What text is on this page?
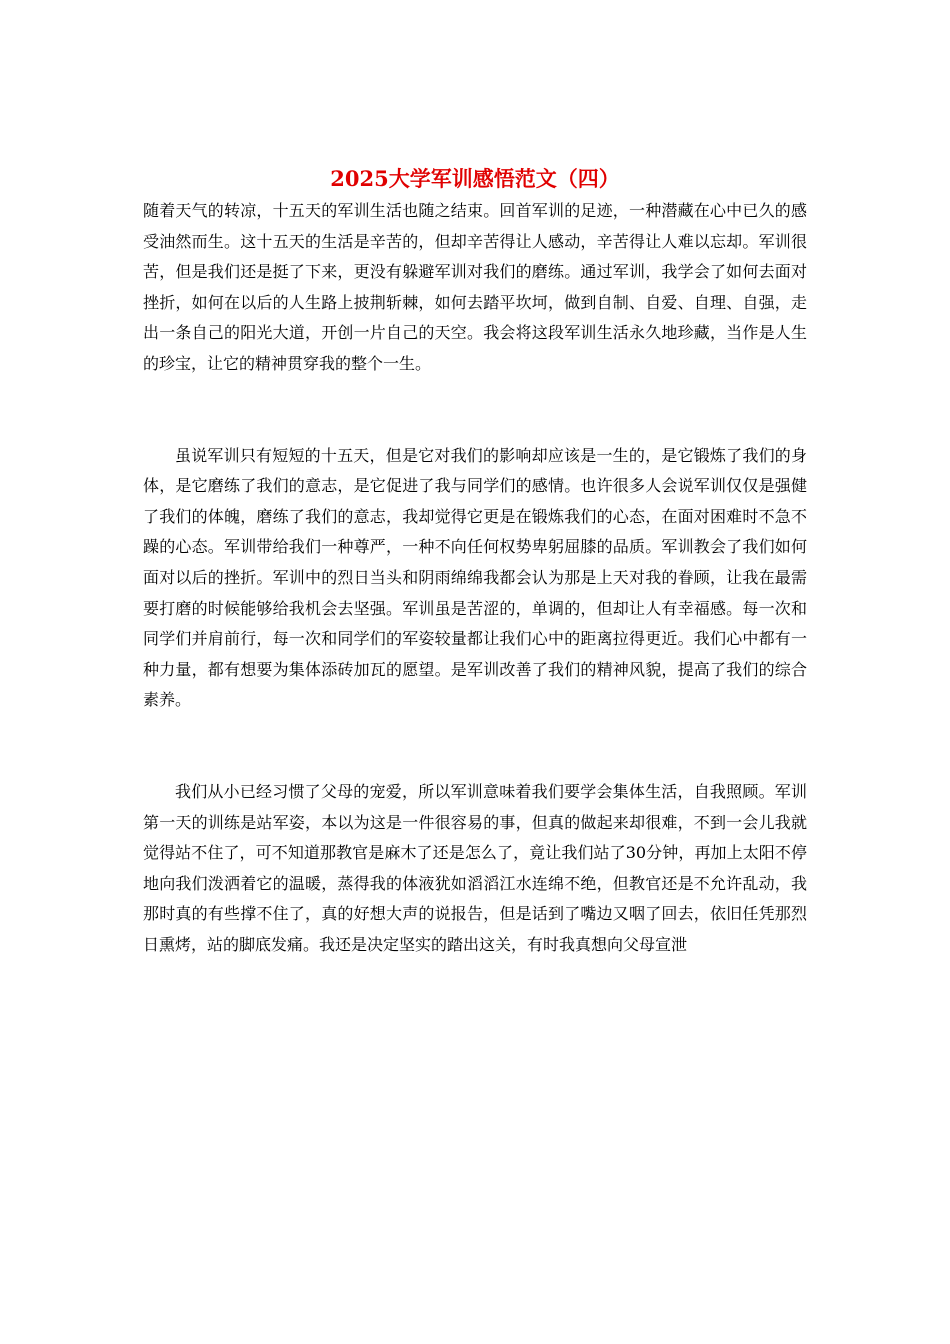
2025大学军训感悟范文（四）

随着天气的转凉，十五天的军训生活也随之结束。回首军训的足迹，一种潜藏在心中已久的感受油然而生。这十五天的生活是辛苦的，但却辛苦得让人感动，辛苦得让人难以忘却。军训很苦，但是我们还是挺了下来，更没有躲避军训对我们的磨练。通过军训，我学会了如何去面对挫折，如何在以后的人生路上披荆斩棘，如何去踏平坎坷，做到自制、自爱、自理、自强，走出一条自己的阳光大道，开创一片自己的天空。我会将这段军训生活永久地珍藏，当作是人生的珍宝，让它的精神贯穿我的整个一生。

虽说军训只有短短的十五天，但是它对我们的影响却应该是一生的，是它锻炼了我们的身体，是它磨练了我们的意志，是它促进了我与同学们的感情。也许很多人会说军训仅仅是强健了我们的体魄，磨练了我们的意志，我却觉得它更是在锻炼我们的心态，在面对困难时不急不躁的心态。军训带给我们一种尊严，一种不向任何权势卑躬屈膝的品质。军训教会了我们如何面对以后的挫折。军训中的烈日当头和阴雨绵绵我都会认为那是上天对我的眷顾，让我在最需要打磨的时候能够给我机会去坚强。军训虽是苦涩的，单调的，但却让人有幸福感。每一次和同学们并肩前行，每一次和同学们的军姿较量都让我们心中的距离拉得更近。我们心中都有一种力量，都有想要为集体添砖加瓦的愿望。是军训改善了我们的精神风貌，提高了我们的综合素养。

我们从小已经习惯了父母的宠爱，所以军训意味着我们要学会集体生活，自我照顾。军训第一天的训练是站军姿，本以为这是一件很容易的事，但真的做起来却很难，不到一会儿我就觉得站不住了，可不知道那教官是麻木了还是怎么了，竟让我们站了30分钟，再加上太阳不停地向我们泼洒着它的温暖，蒸得我的体液犹如滔滔江水连绵不绝，但教官还是不允许乱动，我那时真的有些撑不住了，真的好想大声的说报告，但是话到了嘴边又咽了回去，依旧任凭那烈日熏烤，站的脚底发痛。我还是决定坚实的踏出这关，有时我真想向父母宣泄
